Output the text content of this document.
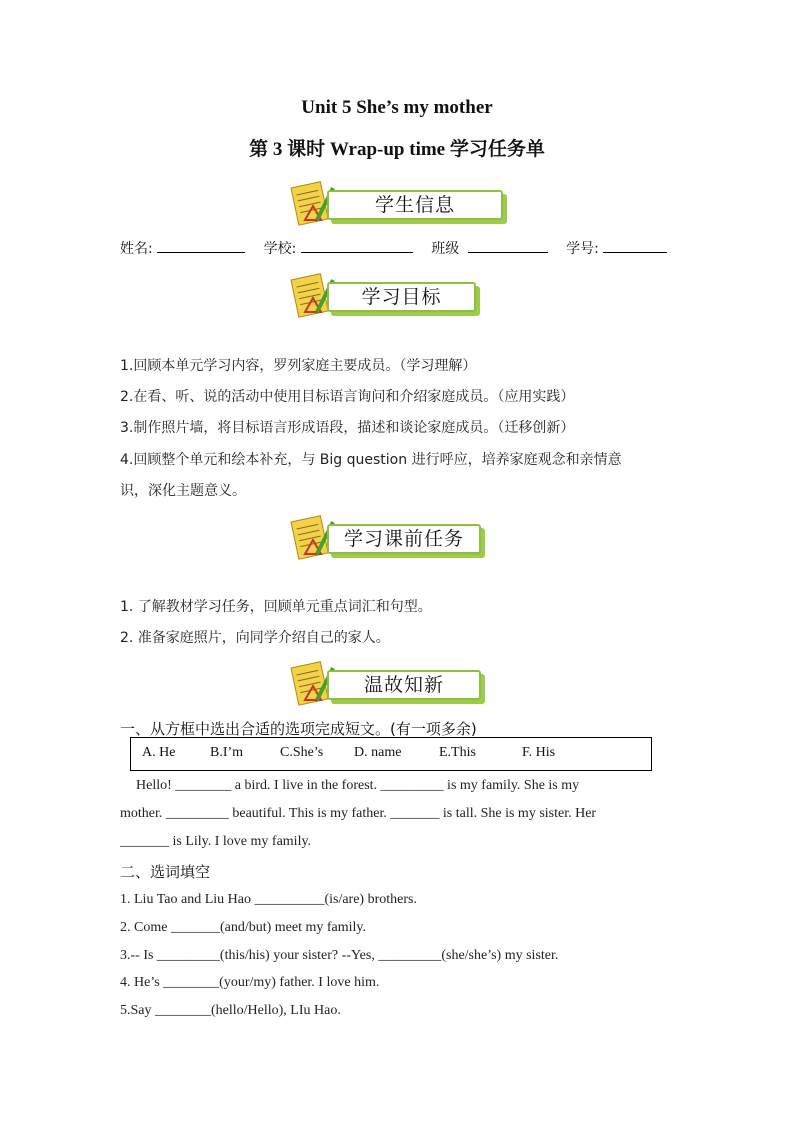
Unit 5 She’s my mother
第 3 课时 Wrap-up time 学习任务单
学生信息
姓名:	学校:	班级	学号:
学习目标
1.回顾本单元学习内容，罗列家庭主要成员。（学习理解）
2.在看、听、说的活动中使用目标语言询问和介绍家庭成员。（应用实践）
3.制作照片墙，将目标语言形成语段，描述和谈论家庭成员。（迁移创新）
4.回顾整个单元和绘本补充，与 Big question 进行呼应，培养家庭观念和亲情意
识，深化主题意义。
学习课前任务
1. 了解教材学习任务，回顾单元重点词汇和句型。
2. 准备家庭照片，向同学介绍自己的家人。
温故知新
一、从方框中选出合适的选项完成短文。(有一项多余)
A. He B.I’m	C.She’s D. name	E.This	F. His
Hello! ________ a bird. I live in the forest. _________ is my family. She is my
mother. _________ beautiful. This is my father. _______ is tall. She is my sister. Her
_______ is Lily. I love my family.
二、选词填空
1. Liu Tao and Liu Hao __________(is/are) brothers.
2. Come _______(and/but) meet my family.
3.-- Is _________(this/his) your sister? --Yes, _________(she/she’s) my sister.
4. He’s ________(your/my) father. I love him.
5.Say ________(hello/Hello), LIu Hao.
